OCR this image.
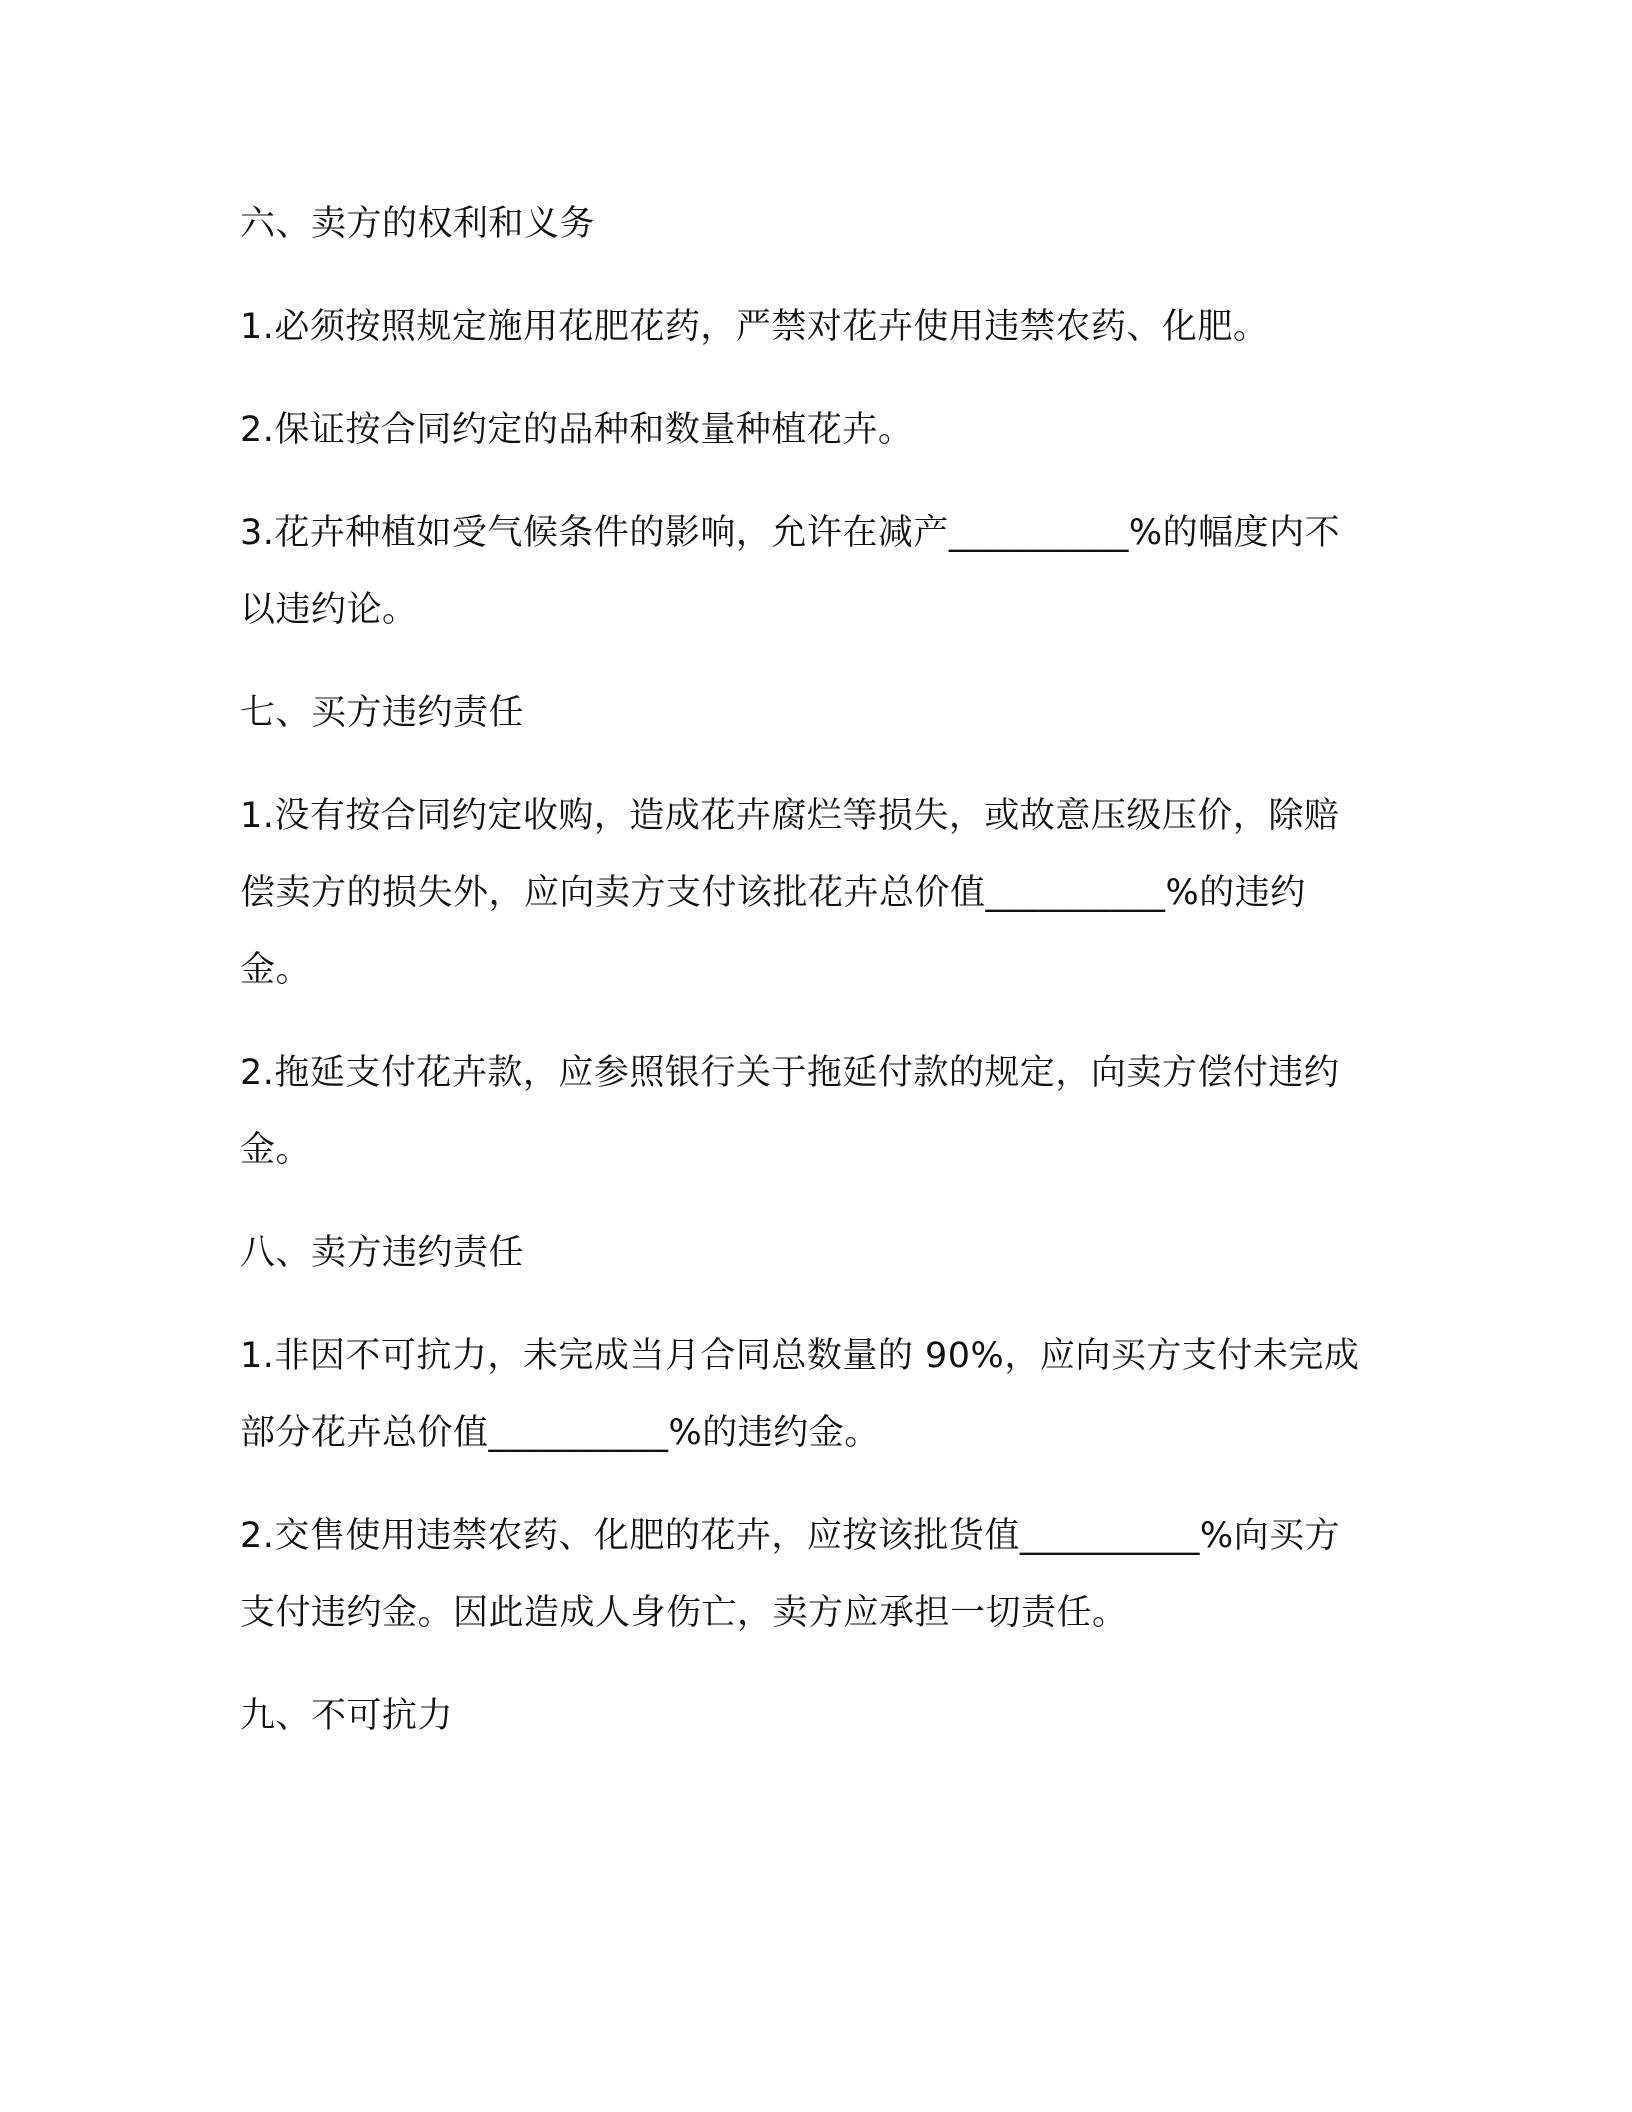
六、卖方的权利和义务

1.必须按照规定施用花肥花药，严禁对花卉使用违禁农药、化肥。

2.保证按合同约定的品种和数量种植花卉。

3.花卉种植如受气候条件的影响，允许在减产__________%的幅度内不以违约论。

七、买方违约责任

1.没有按合同约定收购，造成花卉腐烂等损失，或故意压级压价，除赔偿卖方的损失外，应向卖方支付该批花卉总价值__________%的违约金。

2.拖延支付花卉款，应参照银行关于拖延付款的规定，向卖方偿付违约金。

八、卖方违约责任

1.非因不可抗力，未完成当月合同总数量的 90%，应向买方支付未完成部分花卉总价值__________%的违约金。

2.交售使用违禁农药、化肥的花卉，应按该批货值__________%向买方支付违约金。因此造成人身伤亡，卖方应承担一切责任。

九、不可抗力
